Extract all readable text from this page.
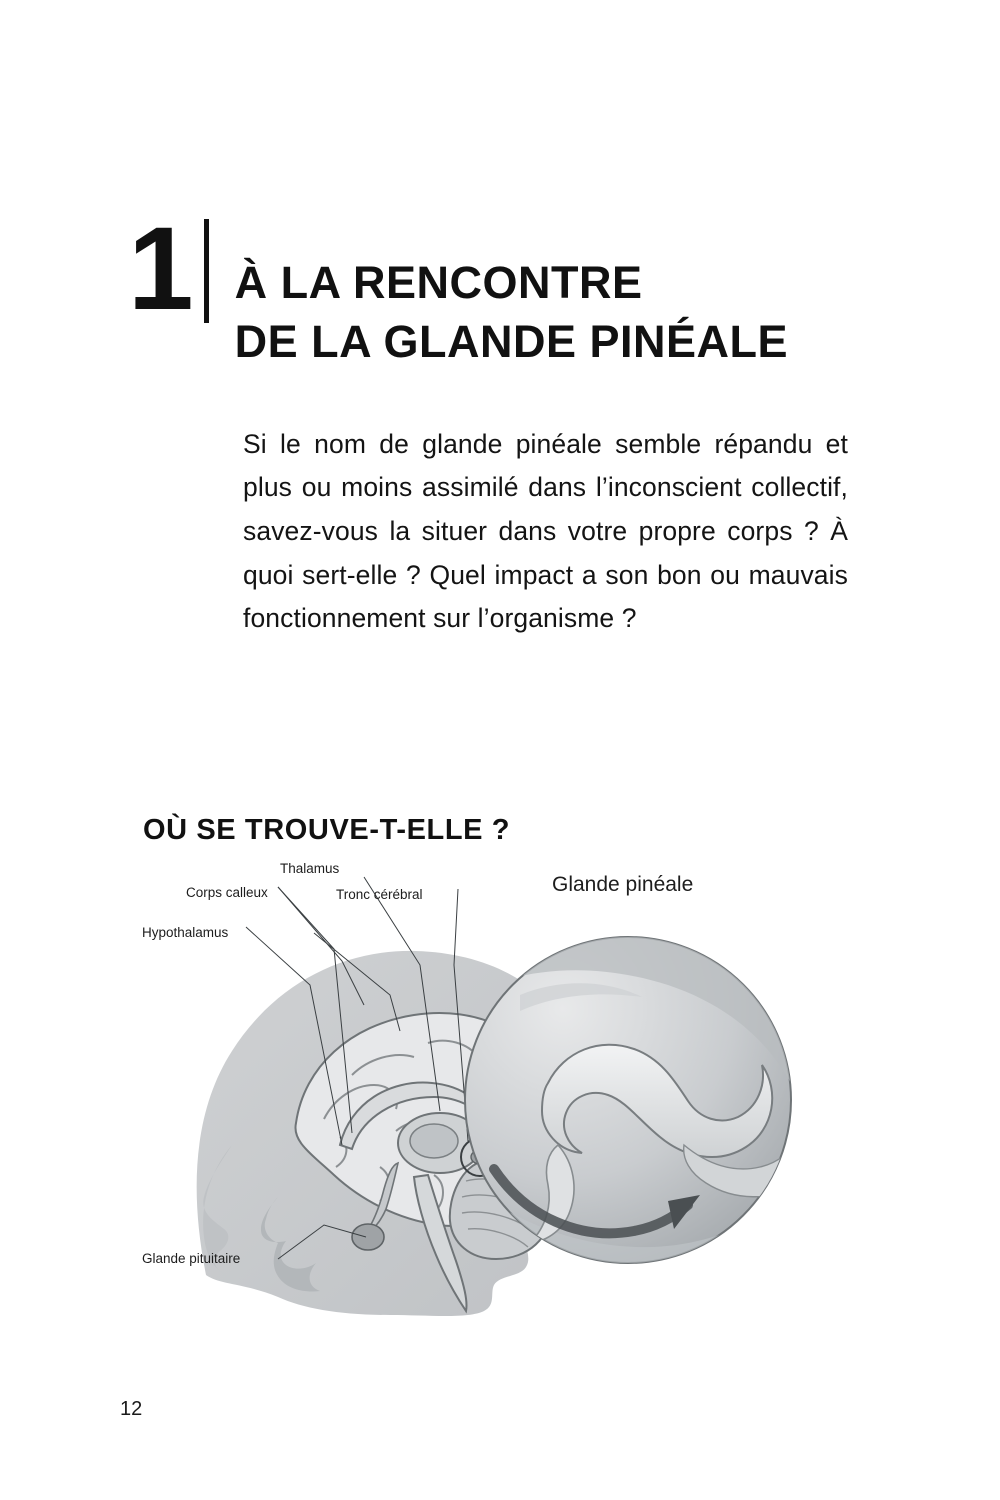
1 À LA RENCONTRE
DE LA GLANDE PINÉALE

Si le nom de glande pinéale semble répandu et plus ou moins assimilé dans l’inconscient collectif, savez-vous la situer dans votre propre corps ? À quoi sert-elle ? Quel impact a son bon ou mauvais fonctionnement sur l’organisme ?

OÙ SE TROUVE-T-ELLE ?
Thalamus
Corps calleux	Tronc cérébral
Hypothalamus
Glande pituitaire
Glande pinéale
12
